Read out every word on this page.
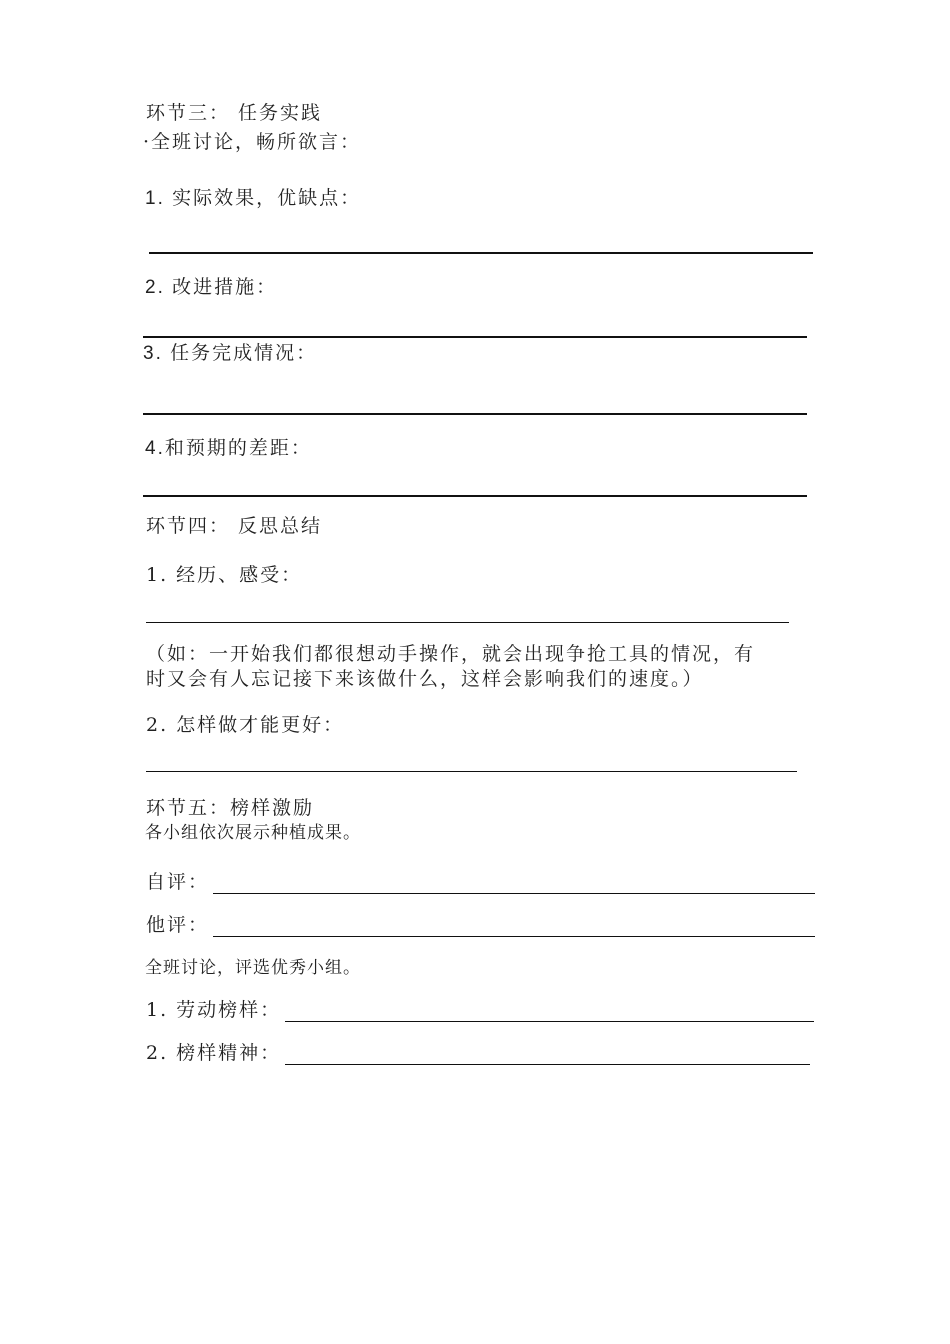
环节三： 任务实践
·全班讨论，畅所欲言：
1. 实际效果，优缺点：
2. 改进措施：
3. 任务完成情况：
4.和预期的差距：
环节四： 反思总结
1. 经历、感受：
（如：一开始我们都很想动手操作，就会出现争抢工具的情况，有
时又会有人忘记接下来该做什么，这样会影响我们的速度。）
2. 怎样做才能更好：
环节五：榜样激励
各小组依次展示种植成果。
自评：
他评：
全班讨论，评选优秀小组。
1. 劳动榜样：
2. 榜样精神：
